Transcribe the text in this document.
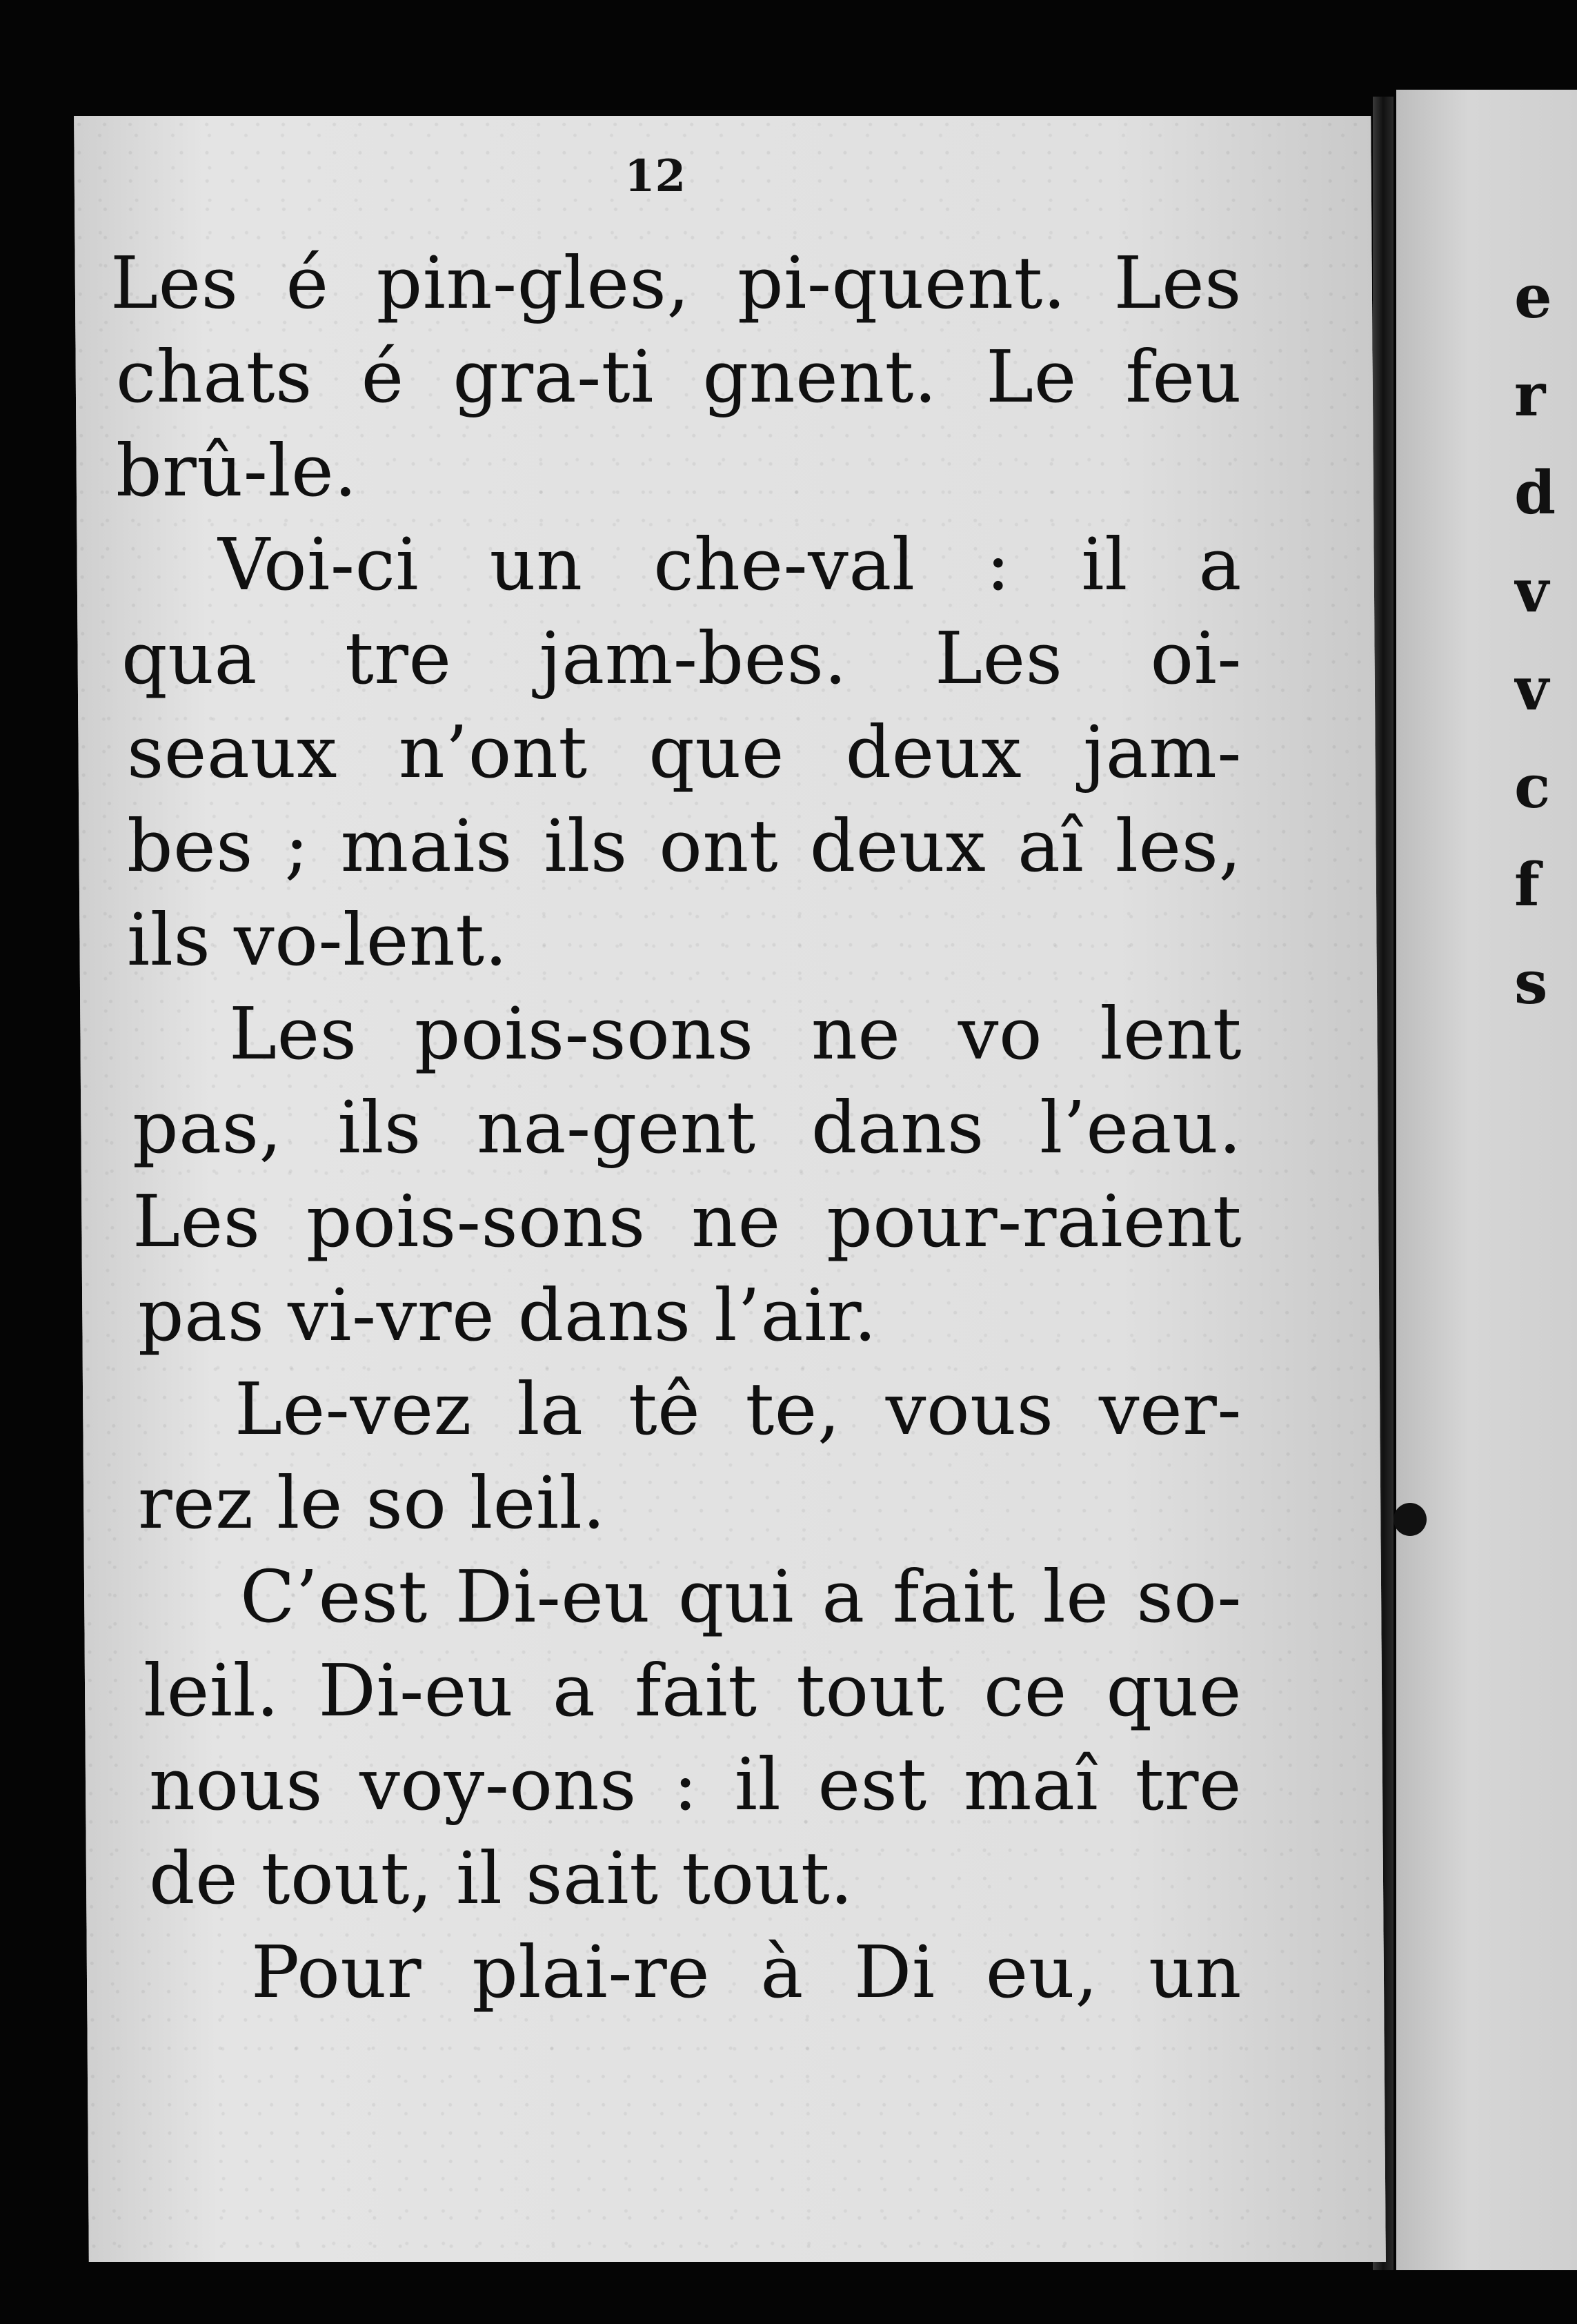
e
r
d
v
v
c
f
s
12
Les é pin-gles, pi-quent. Les
chats é gra-ti gnent. Le feu
brû-le.
Voi-ci un che-val : il a
qua tre jam-bes. Les oi-
seaux n’ont que deux jam-
bes ; mais ils ont deux aî les,
ils vo-lent.
Les pois-sons ne vo lent
pas, ils na-gent dans l’eau.
Les pois-sons ne pour-raient
pas vi-vre dans l’air.
Le-vez la tê te, vous ver-
rez le so leil.
C’est Di-eu qui a fait le so-
leil. Di-eu a fait tout ce que
nous voy-ons : il est maî tre
de tout, il sait tout.
Pour plai-re à Di eu, un
